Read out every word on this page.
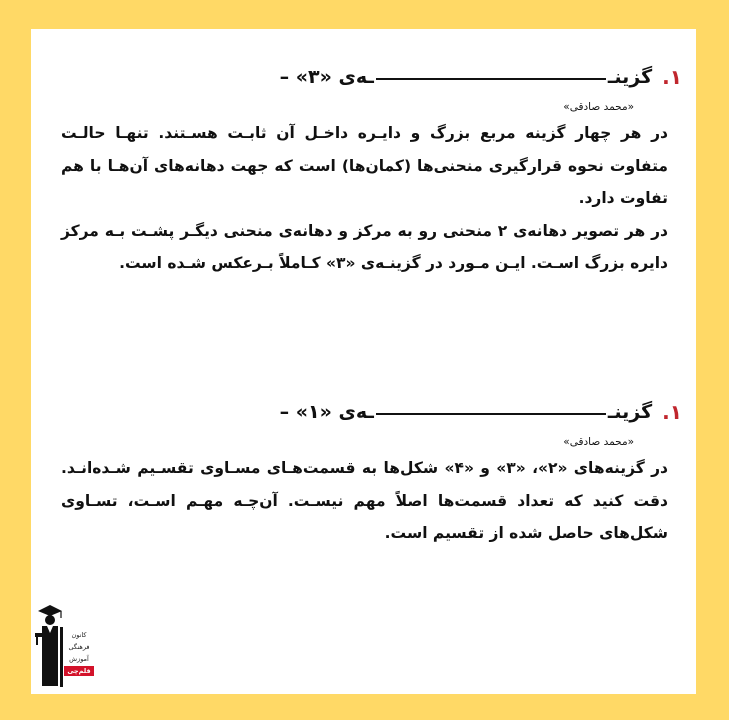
۱.
گزینـ
ـه‌ی «۳» –
«محمد صادقی»

در هر چهار گزینه مربع بزرگ و دایـره داخـل آن ثابـت هسـتند. تنهـا حالـت متفاوت نحوه قرارگیری منحنی‌ها (کمان‌ها) است که جهت دهانه‌های آن‌هـا با هم تفاوت دارد.

در هر تصویر دهانه‌ی ۲ منحنی رو به مرکز و دهانه‌ی منحنی دیگـر پشـت بـه مرکز دایره بزرگ اسـت. ایـن مـورد در گزینـه‌ی «۳» کـاملاً بـرعکس شـده است.

۱.
گزینـ
ـه‌ی «۱» –
«محمد صادقی»

در گزینه‌های «۲»، «۳» و «۴» شکل‌ها به قسمت‌هـای مسـاوی تقسـیم شـده‌انـد. دقت کنید که تعداد قسمت‌ها اصلاً مهم نیسـت. آن‌چـه مهـم اسـت، تسـاوی شکل‌های حاصل شده از تقسیم است.

کانون
فرهنگی
آموزش
قلم‌چی
